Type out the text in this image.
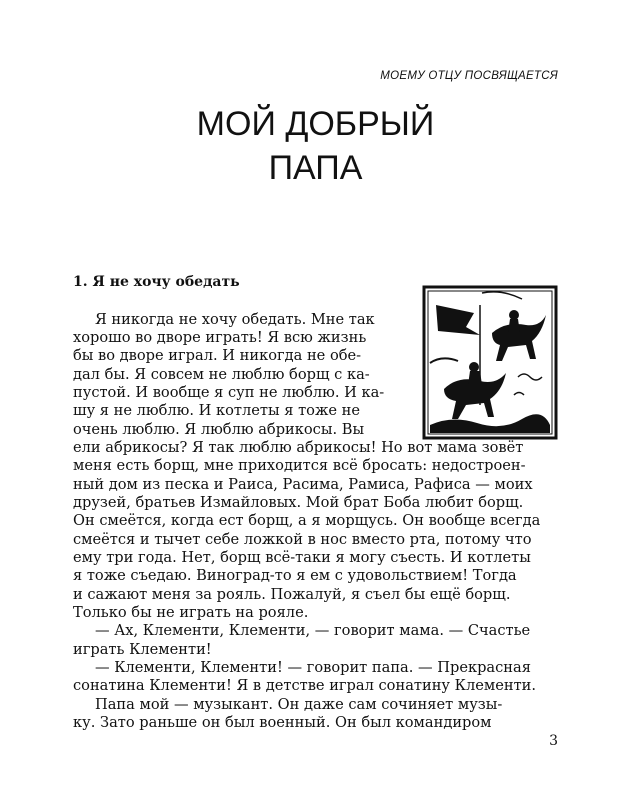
МОЕМУ ОТЦУ ПОСВЯЩАЕТСЯ
МОЙ ДОБРЫЙ
ПАПА
1. Я не хочу обедать
Я никогда не хочу обедать. Мне так
хорошо во дворе играть! Я всю жизнь
бы во дворе играл. И никогда не обе-
дал бы. Я совсем не люблю борщ с ка-
пустой. И вообще я суп не люблю. И ка-
шу я не люблю. И котлеты я тоже не
очень люблю. Я люблю абрикосы. Вы
ели абрикосы? Я так люблю абрикосы! Но вот мама зовёт
меня есть борщ, мне приходится всё бросать: недостроен-
ный дом из песка и Раиса, Расима, Рамиса, Рафиса — моих
друзей, братьев Измайловых. Мой брат Боба любит борщ.
Он смеётся, когда ест борщ, а я морщусь. Он вообще всегда
смеётся и тычет себе ложкой в нос вместо рта, потому что
ему три года. Нет, борщ всё-таки я могу съесть. И котлеты
я тоже съедаю. Виноград-то я ем с удовольствием! Тогда
и сажают меня за рояль. Пожалуй, я съел бы ещё борщ.
Только бы не играть на рояле.
— Ах, Клементи, Клементи, — говорит мама. — Счастье
играть Клементи!
— Клементи, Клементи! — говорит папа. — Прекрасная
сонатина Клементи! Я в детстве играл сонатину Клементи.
Папа мой — музыкант. Он даже сам сочиняет музы-
ку. Зато раньше он был военный. Он был командиром
3
